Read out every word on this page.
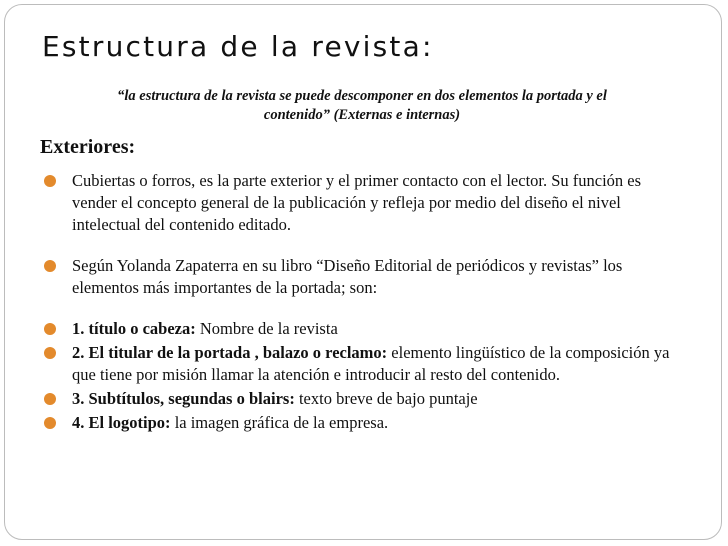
Estructura de la revista:

“la estructura de la revista se puede descomponer en dos elementos la portada y el
contenido” (Externas e internas)

Exteriores:
Cubiertas o forros, es la parte exterior y el primer contacto con el lector. Su función es vender el concepto general de la publicación y refleja por medio del diseño el nivel intelectual del contenido editado.
Según Yolanda Zapaterra en su libro “Diseño Editorial de periódicos y revistas” los elementos más importantes de la portada; son:
1. título o cabeza: Nombre de la revista
2. El titular de la portada , balazo o reclamo: elemento lingüístico de la composición ya que tiene por misión llamar la atención e introducir al resto del contenido.
3. Subtítulos, segundas o blairs: texto breve de bajo puntaje
4. El logotipo: la imagen gráfica de la empresa.
